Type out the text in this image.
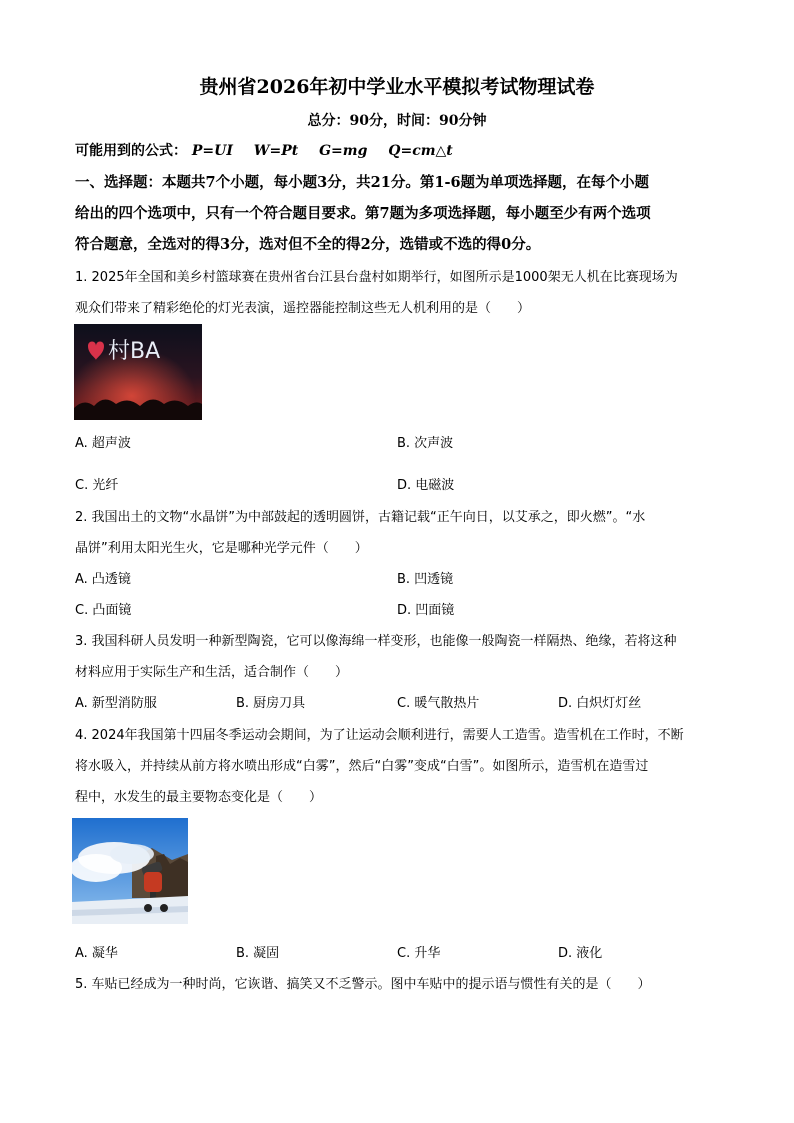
贵州省2026年初中学业水平模拟考试物理试卷
总分：90分，时间：90分钟
可能用到的公式： P=UI W=Pt G=mg Q=cm△t
一、选择题：本题共7个小题，每小题3分，共21分。第1-6题为单项选择题，在每个小题
给出的四个选项中，只有一个符合题目要求。第7题为多项选择题，每小题至少有两个选项
符合题意，全选对的得3分，选对但不全的得2分，选错或不选的得0分。
1. 2025年全国和美乡村篮球赛在贵州省台江县台盘村如期举行，如图所示是1000架无人机在比赛现场为
观众们带来了精彩绝伦的灯光表演，遥控器能控制这些无人机利用的是（　　）
村BA
A. 超声波	B. 次声波
C. 光纤	D. 电磁波
2. 我国出土的文物“水晶饼”为中部鼓起的透明圆饼，古籍记载“正午向日，以艾承之，即火燃”。“水
晶饼”利用太阳光生火，它是哪种光学元件（　　）
A. 凸透镜	B. 凹透镜
C. 凸面镜	D. 凹面镜
3. 我国科研人员发明一种新型陶瓷，它可以像海绵一样变形，也能像一般陶瓷一样隔热、绝缘，若将这种
材料应用于实际生产和生活，适合制作（　　）
A. 新型消防服	B. 厨房刀具	C. 暖气散热片	D. 白炽灯灯丝
4. 2024年我国第十四届冬季运动会期间，为了让运动会顺利进行，需要人工造雪。造雪机在工作时，不断
将水吸入，并持续从前方将水喷出形成“白雾”，然后“白雾”变成“白雪”。如图所示，造雪机在造雪过
程中，水发生的最主要物态变化是（　　）
A. 凝华	B. 凝固	C. 升华	D. 液化
5. 车贴已经成为一种时尚，它诙谐、搞笑又不乏警示。图中车贴中的提示语与惯性有关的是（　　）
